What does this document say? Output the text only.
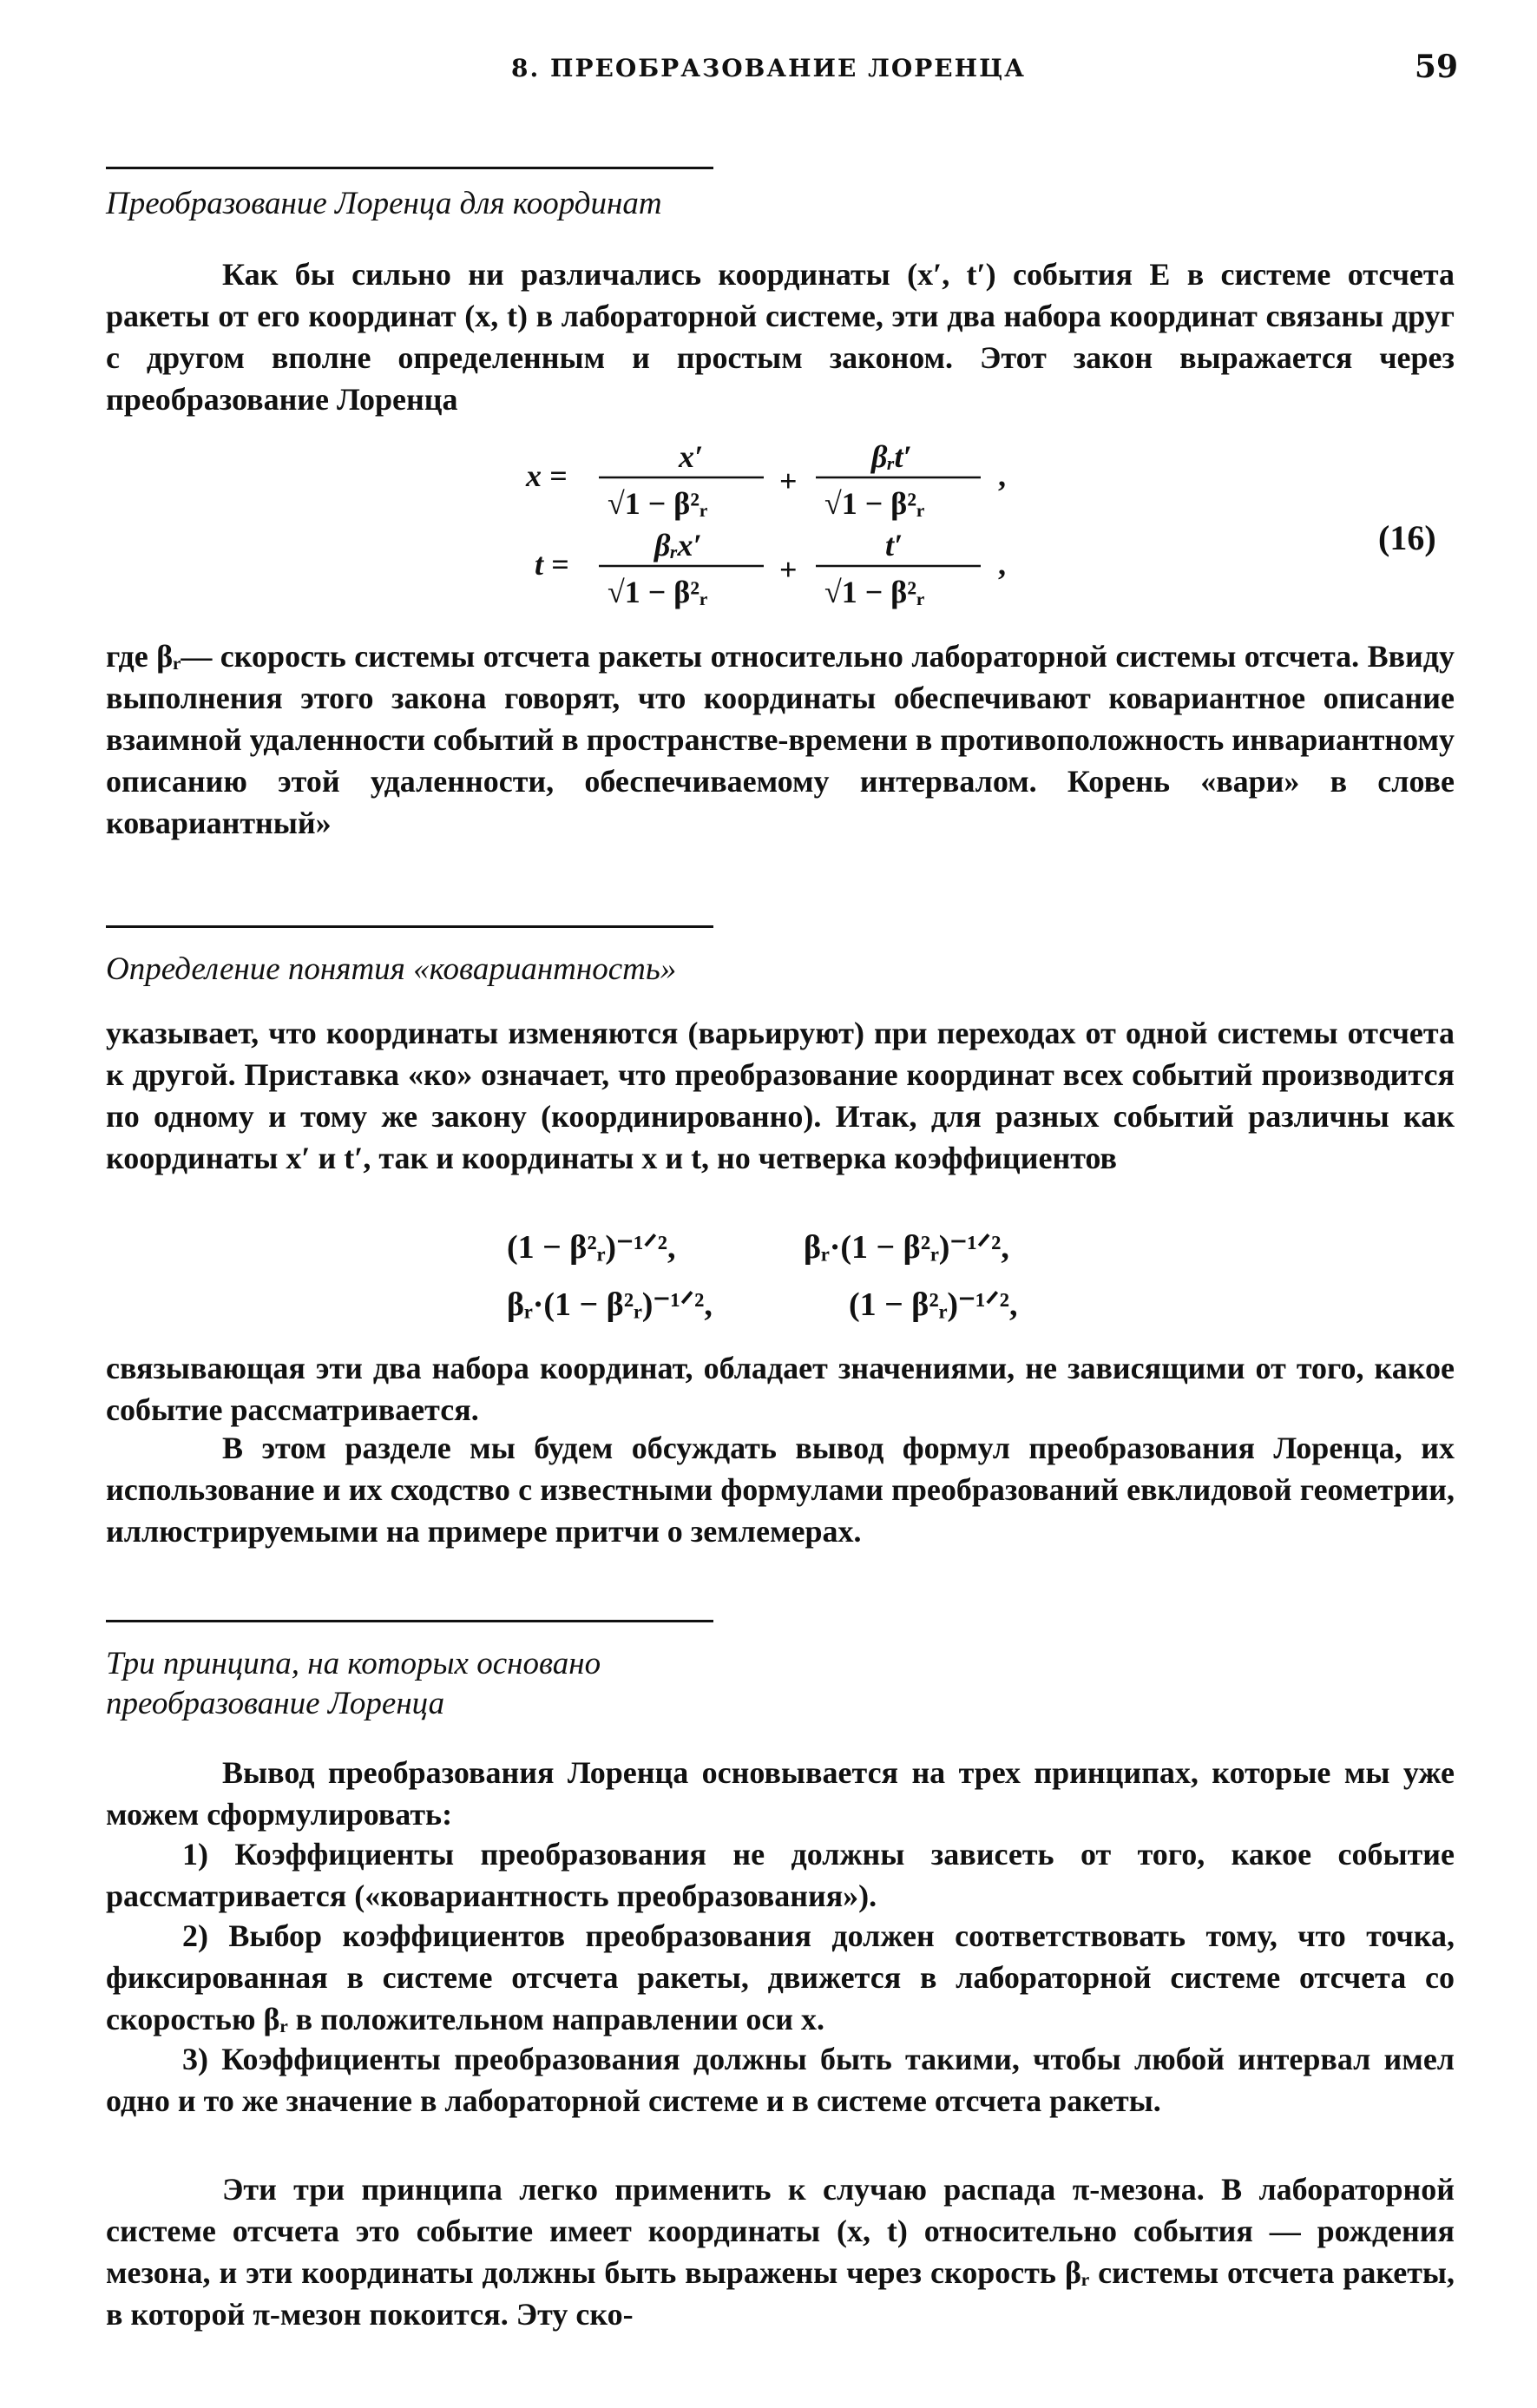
8. ПРЕОБРАЗОВАНИЕ ЛОРЕНЦА	59
Преобразование Лоренца для координат
Как бы сильно ни различались координаты (x′, t′) события E в системе отсчета ракеты от его координат (x, t) в лабораторной системе, эти два набора координат связаны друг с другом вполне определенным и простым законом. Этот закон выражается через преобразование Лоренца
x =
x′
√1 − β²ᵣ
+
βᵣt′
√1 − β²ᵣ
,
t =
βᵣx′
√1 − β²ᵣ
+
t′
√1 − β²ᵣ
,
(16)
где βᵣ— скорость системы отсчета ракеты относительно лабораторной системы отсчета. Ввиду выполнения этого закона говорят, что координаты обеспечивают ковариантное описание взаимной удаленности событий в пространстве-времени в противоположность инвариантному описанию этой удаленности, обеспечиваемому интервалом. Корень «вари» в слове ковариантный»
Определение понятия «ковариантность»
указывает, что координаты изменяются (варьируют) при переходах от одной системы отсчета к другой. Приставка «ко» означает, что преобразование координат всех событий производится по одному и тому же закону (координированно). Итак, для разных событий различны как координаты x′ и t′, так и координаты x и t, но четверка коэффициентов
(1 − β²ᵣ)⁻¹ᐟ²,	βᵣ·(1 − β²ᵣ)⁻¹ᐟ²,
βᵣ·(1 − β²ᵣ)⁻¹ᐟ²,	(1 − β²ᵣ)⁻¹ᐟ²,
связывающая эти два набора координат, обладает значениями, не зависящими от того, какое событие рассматривается.
В этом разделе мы будем обсуждать вывод формул преобразования Лоренца, их использование и их сходство с известными формулами преобразований евклидовой геометрии, иллюстрируемыми на примере притчи о землемерах.
Три принципа, на которых основано
преобразование Лоренца
Вывод преобразования Лоренца основывается на трех принципах, которые мы уже можем сформулировать:
1) Коэффициенты преобразования не должны зависеть от того, какое событие рассматривается («ковариантность преобразования»).
2) Выбор коэффициентов преобразования должен соответствовать тому, что точка, фиксированная в системе отсчета ракеты, движется в лабораторной системе отсчета со скоростью βᵣ в положительном направлении оси x.
3) Коэффициенты преобразования должны быть такими, чтобы любой интервал имел одно и то же значение в лабораторной системе и в системе отсчета ракеты.
Эти три принципа легко применить к случаю распада π-мезона. В лабораторной системе отсчета это событие имеет координаты (x, t) относительно события — рождения мезона, и эти координаты должны быть выражены через скорость βᵣ системы отсчета ракеты, в которой π-мезон покоится. Эту ско-
